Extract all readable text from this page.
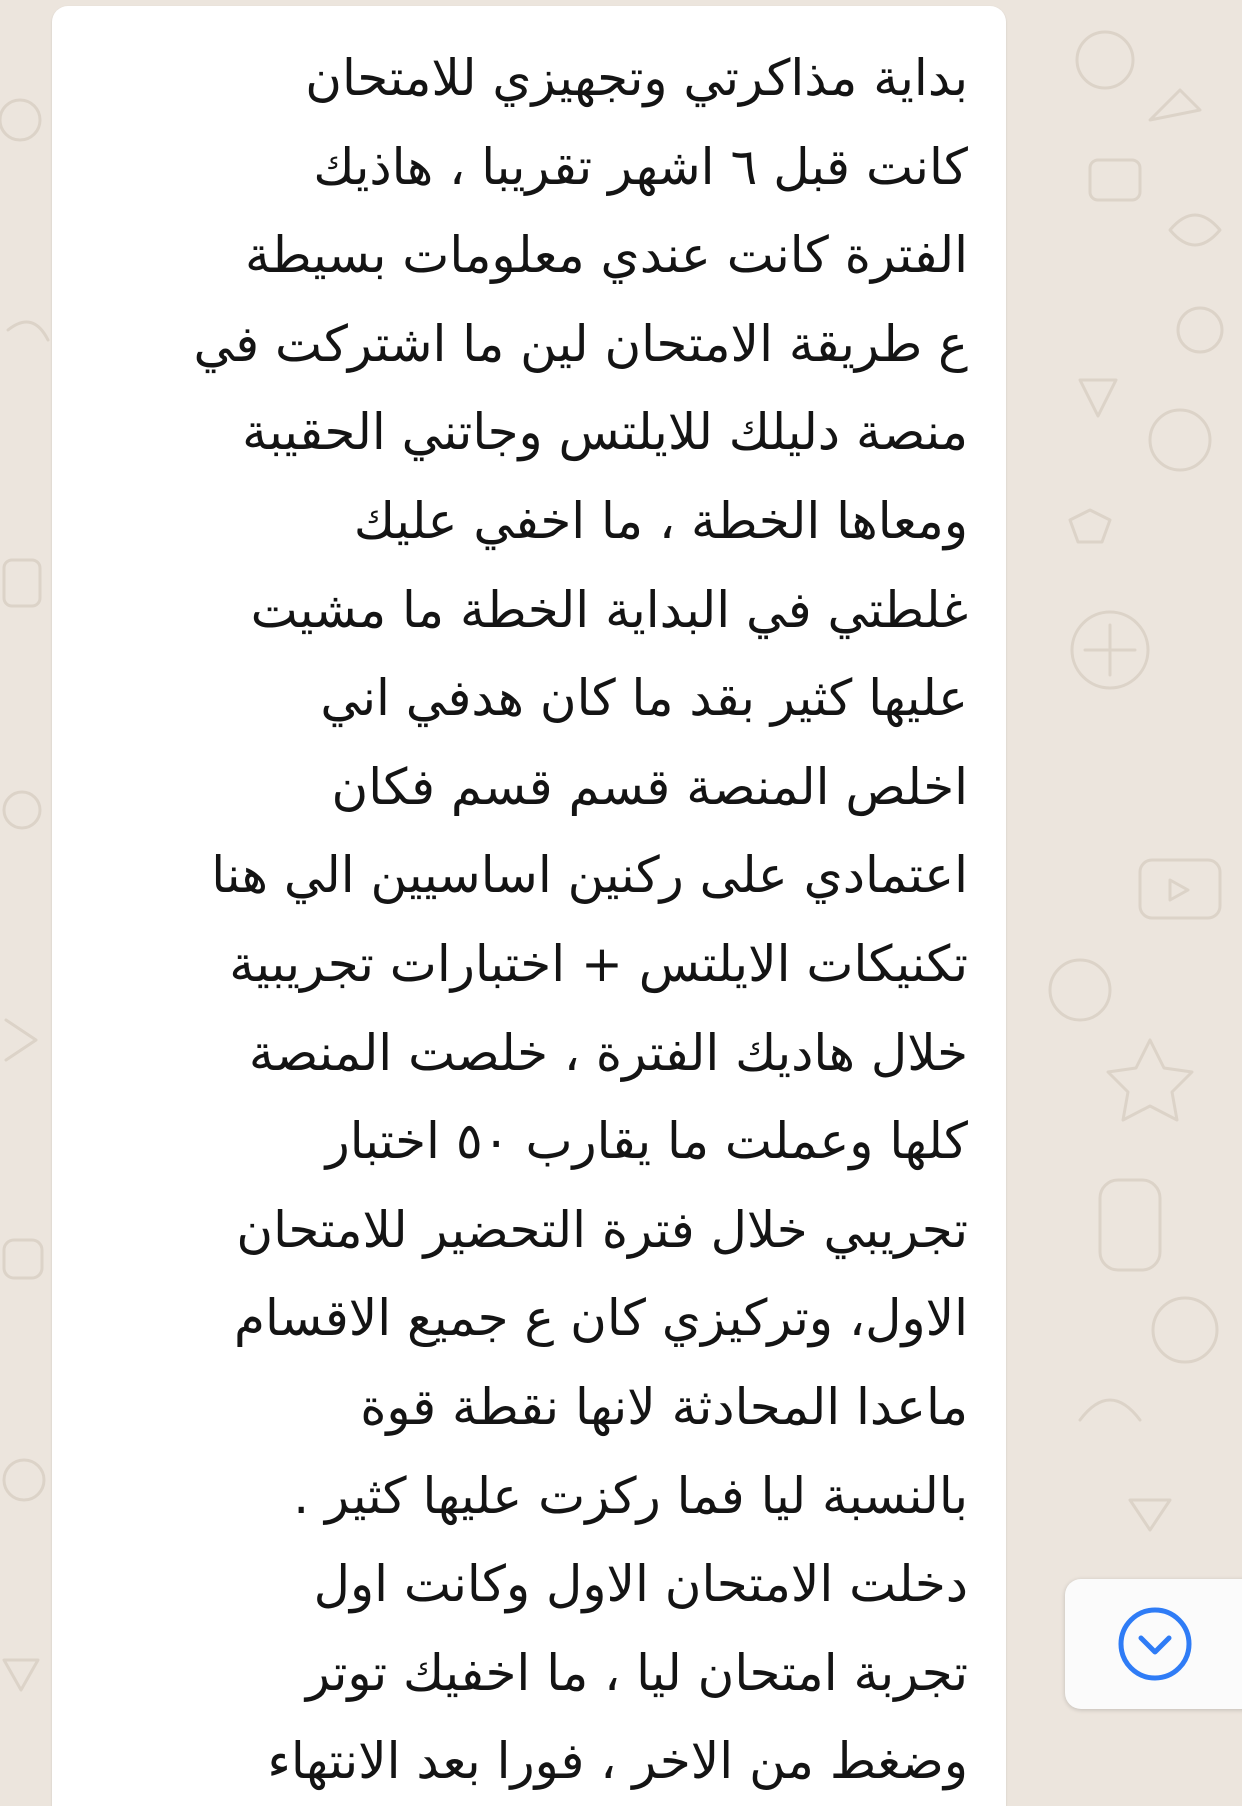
بداية مذاكرتي وتجهيزي للامتحان
كانت قبل ٦ اشهر تقريبا ، هاذيك
الفترة كانت عندي معلومات بسيطة
ع طريقة الامتحان لين ما اشتركت في
منصة دليلك للايلتس وجاتني الحقيبة
ومعاها الخطة ، ما اخفي عليك
غلطتي في البداية الخطة ما مشيت
عليها كثير بقد ما كان هدفي اني
اخلص المنصة قسم قسم فكان
اعتمادي على ركنين اساسيين الي هنا
تكنيكات الايلتس + اختبارات تجريبية
خلال هاديك الفترة ، خلصت المنصة
كلها وعملت ما يقارب ٥٠ اختبار
تجريبي خلال فترة التحضير للامتحان
الاول، وتركيزي كان ع جميع الاقسام
ماعدا المحادثة لانها نقطة قوة
بالنسبة ليا فما ركزت عليها كثير .
دخلت الامتحان الاول وكانت اول
تجربة امتحان ليا ، ما اخفيك توتر
وضغط من الاخر ، فورا بعد الانتهاء
